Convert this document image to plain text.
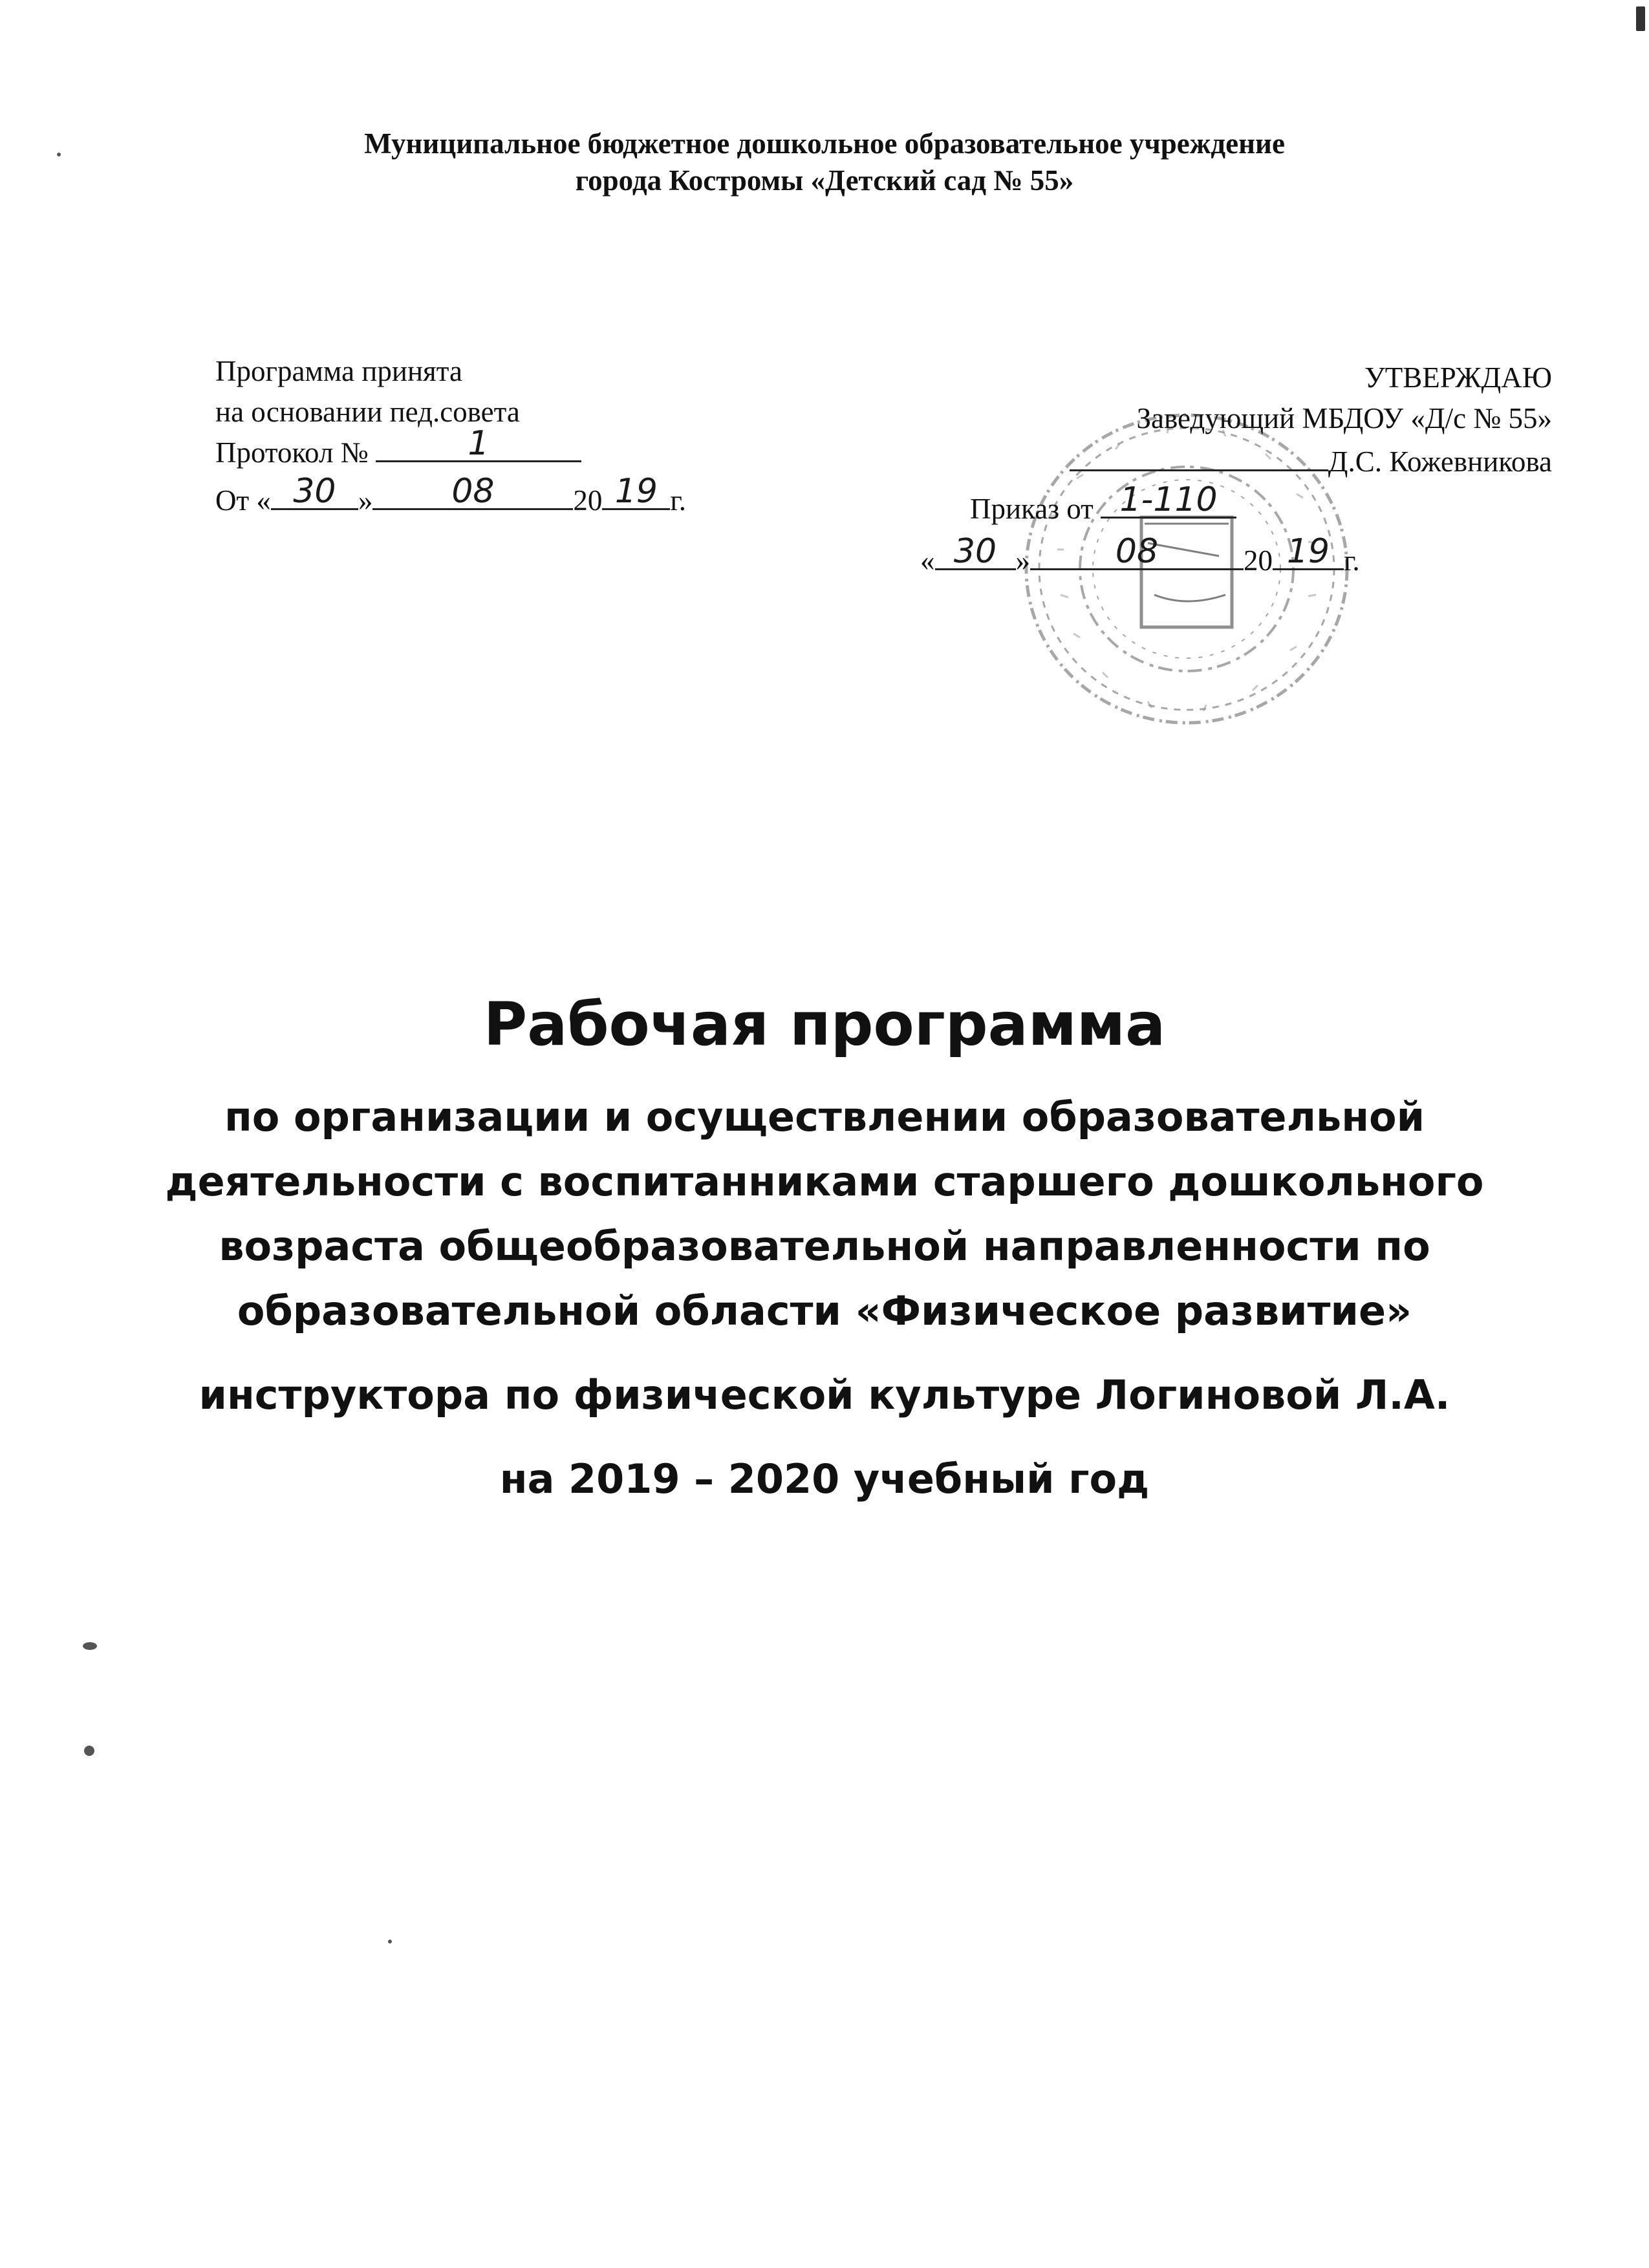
Муниципальное бюджетное дошкольное образовательное учреждение
города Костромы «Детский сад № 55»
Программа принята
на основании пед.совета
Протокол №	1
От « 30 »	08	20 19 г.
УТВЕРЖДАЮ
Заведующий МБДОУ «Д/с № 55»
Д.С. Кожевникова
Приказ от 1-110
« 30 »	08	20 19 г.
Рабочая программа
по организации и осуществлении образовательной
деятельности с воспитанниками старшего дошкольного
возраста общеобразовательной направленности по
образовательной области «Физическое развитие»
инструктора по физической культуре Логиновой Л.А.
на 2019 – 2020 учебный год
